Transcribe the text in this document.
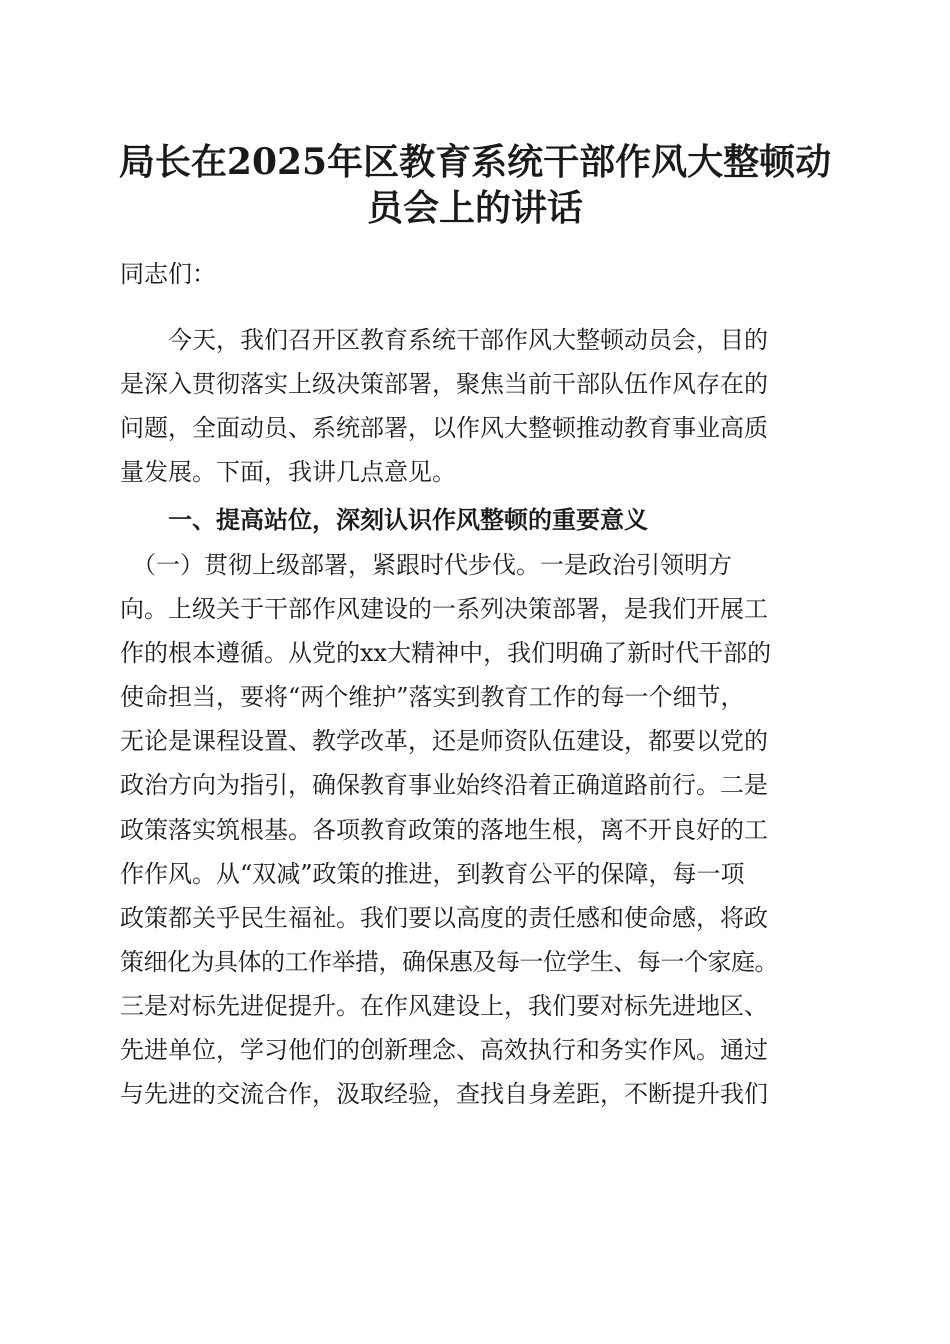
局长在2025年区教育系统干部作风大整顿动
员会上的讲话
同志们：
　　今天，我们召开区教育系统干部作风大整顿动员会，目的
是深入贯彻落实上级决策部署，聚焦当前干部队伍作风存在的
问题，全面动员、系统部署，以作风大整顿推动教育事业高质
量发展。下面，我讲几点意见。
一、提高站位，深刻认识作风整顿的重要意义
　（一）贯彻上级部署，紧跟时代步伐。一是政治引领明方
向。上级关于干部作风建设的一系列决策部署，是我们开展工
作的根本遵循。从党的xx大精神中，我们明确了新时代干部的
使命担当，要将“两个维护”落实到教育工作的每一个细节，
无论是课程设置、教学改革，还是师资队伍建设，都要以党的
政治方向为指引，确保教育事业始终沿着正确道路前行。二是
政策落实筑根基。各项教育政策的落地生根，离不开良好的工
作作风。从“双减”政策的推进，到教育公平的保障，每一项
政策都关乎民生福祉。我们要以高度的责任感和使命感，将政
策细化为具体的工作举措，确保惠及每一位学生、每一个家庭。
三是对标先进促提升。在作风建设上，我们要对标先进地区、
先进单位，学习他们的创新理念、高效执行和务实作风。通过
与先进的交流合作，汲取经验，查找自身差距，不断提升我们
